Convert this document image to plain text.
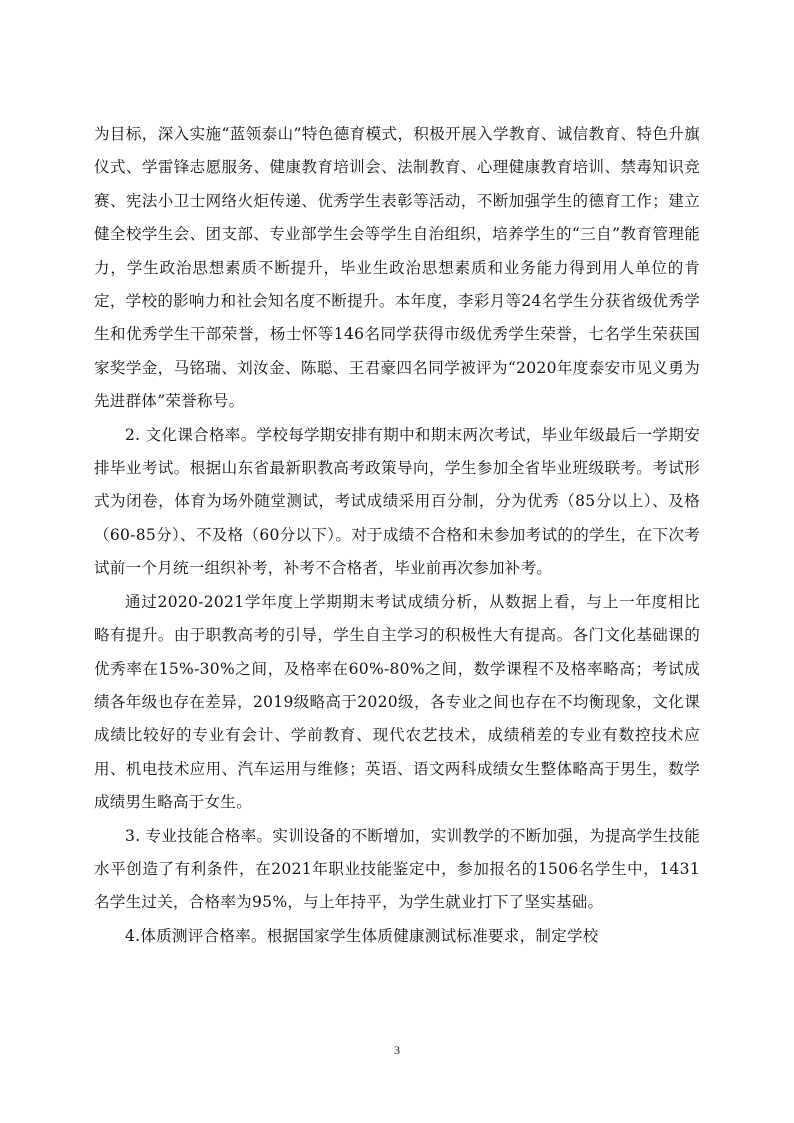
为目标，深入实施“蓝领泰山”特色德育模式，积极开展入学教育、诚信教育、特色升旗仪式、学雷锋志愿服务、健康教育培训会、法制教育、心理健康教育培训、禁毒知识竞赛、宪法小卫士网络火炬传递、优秀学生表彰等活动，不断加强学生的德育工作；建立健全校学生会、团支部、专业部学生会等学生自治组织，培养学生的“三自”教育管理能力，学生政治思想素质不断提升，毕业生政治思想素质和业务能力得到用人单位的肯定，学校的影响力和社会知名度不断提升。本年度，李彩月等24名学生分获省级优秀学生和优秀学生干部荣誉，杨士怀等146名同学获得市级优秀学生荣誉，七名学生荣获国家奖学金，马铭瑞、刘汝金、陈聪、王君豪四名同学被评为“2020年度泰安市见义勇为先进群体”荣誉称号。

2. 文化课合格率。学校每学期安排有期中和期末两次考试，毕业年级最后一学期安排毕业考试。根据山东省最新职教高考政策导向，学生参加全省毕业班级联考。考试形式为闭卷，体育为场外随堂测试，考试成绩采用百分制，分为优秀（85分以上）、及格（60-85分）、不及格（60分以下）。对于成绩不合格和未参加考试的的学生，在下次考试前一个月统一组织补考，补考不合格者，毕业前再次参加补考。

通过2020-2021学年度上学期期末考试成绩分析，从数据上看，与上一年度相比略有提升。由于职教高考的引导，学生自主学习的积极性大有提高。各门文化基础课的优秀率在15%-30%之间，及格率在60%-80%之间，数学课程不及格率略高；考试成绩各年级也存在差异，2019级略高于2020级，各专业之间也存在不均衡现象，文化课成绩比较好的专业有会计、学前教育、现代农艺技术，成绩稍差的专业有数控技术应用、机电技术应用、汽车运用与维修；英语、语文两科成绩女生整体略高于男生，数学成绩男生略高于女生。

3. 专业技能合格率。实训设备的不断增加，实训教学的不断加强，为提高学生技能水平创造了有利条件，在2021年职业技能鉴定中，参加报名的1506名学生中，1431名学生过关，合格率为95%，与上年持平，为学生就业打下了坚实基础。

4.体质测评合格率。根据国家学生体质健康测试标准要求，制定学校

3
